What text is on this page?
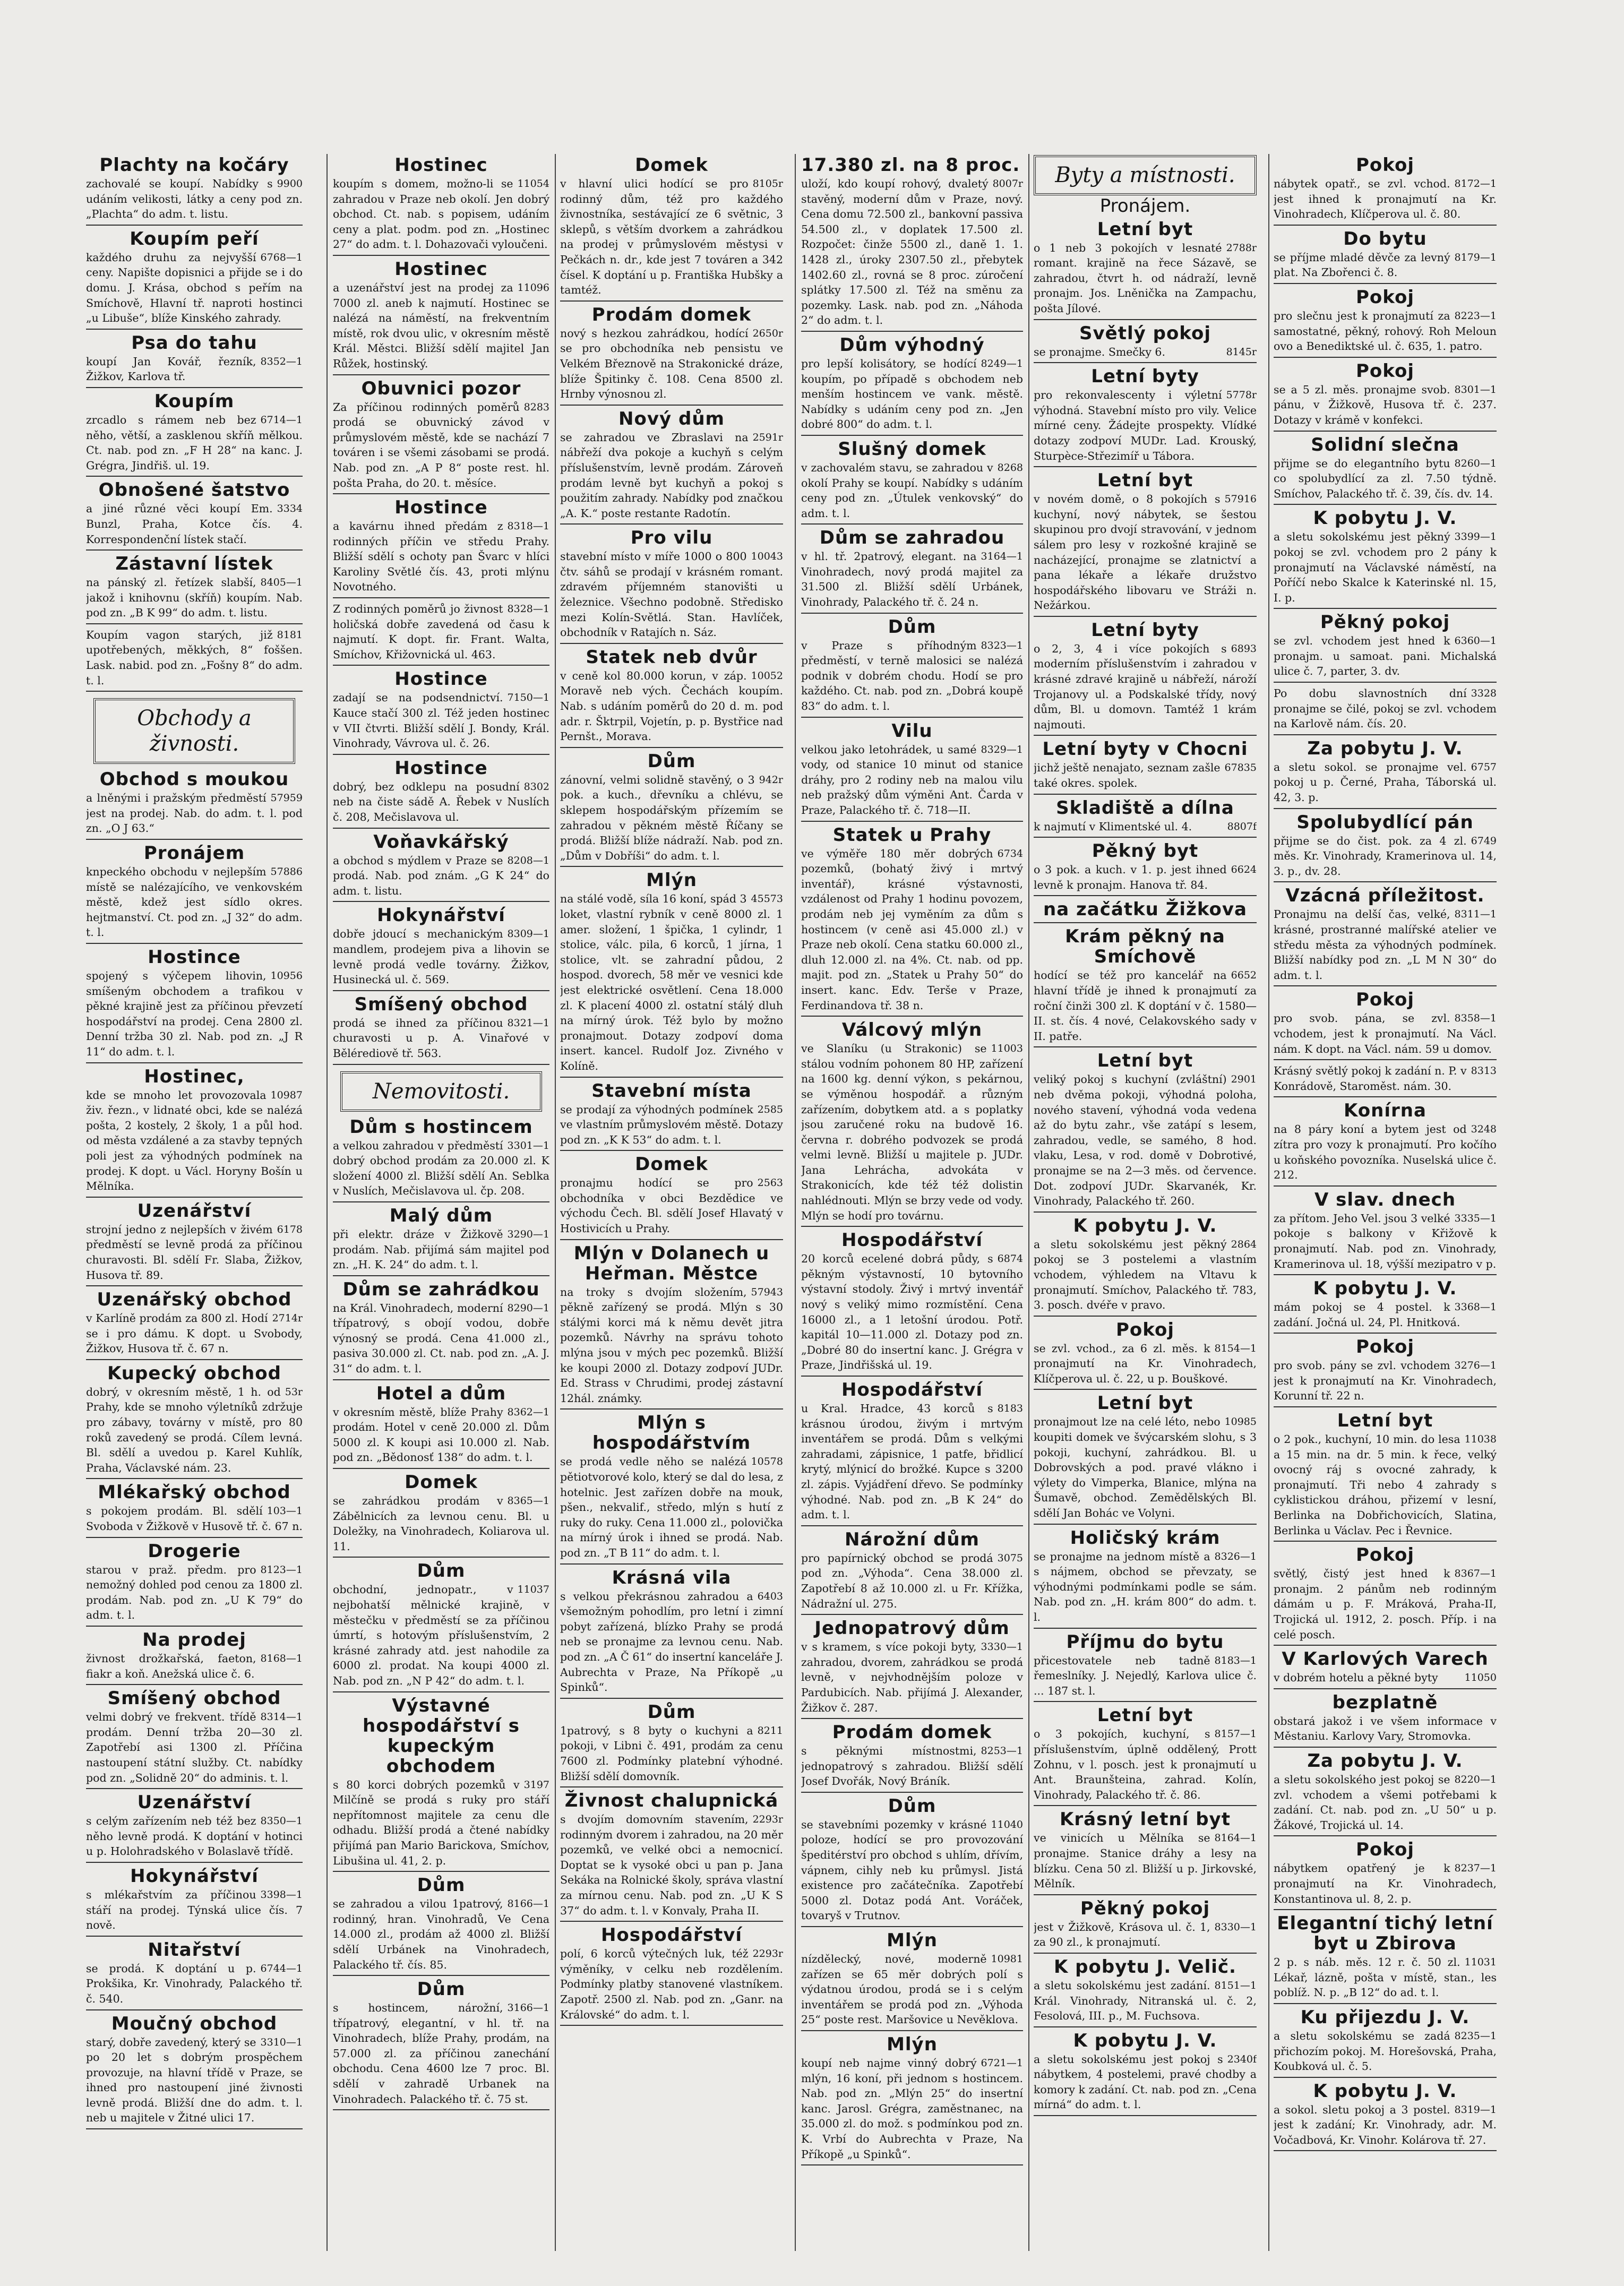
Plachty na kočáry
9900
zachovalé se koupí. Nabídky s udáním velikosti, látky a ceny pod zn. „Plachta“ do adm. t. listu.
Koupím peří
6768—1
každého druhu za nejvyšší ceny. Napište dopisnici a přijde se i do domu. J. Krása, obchod s peřím na Smíchově, Hlavní tř. naproti hostinci „u Libuše“, blíže Kinského zahrady.
Psa do tahu
8352—1
koupí Jan Kovář, řezník, Žižkov, Karlova tř.
Koupím
6714—1
zrcadlo s rámem neb bez něho, větší, a zasklenou skříň mělkou. Ct. nab. pod zn. „F H 28“ na kanc. J. Grégra, Jindřiš. ul. 19.
Obnošené šatstvo
3334
a jiné různé věci koupí Em. Bunzl, Praha, Kotce čís. 4. Korrespondenční lístek stačí.
Zástavní lístek
8405—1
na pánský zl. řetízek slabší, jakož i knihovnu (skříň) koupím. Nab. pod zn. „B K 99“ do adm. t. listu.
8181
Koupím vagon starých, již upotřebených, měkkých, 8“ foššen. Lask. nabid. pod zn. „Fošny 8“ do adm. t. l.
Obchody a živnosti.
Obchod s moukou
57959
a lněnými i pražským předměstí jest na prodej. Nab. do adm. t. l. pod zn. „O J 63.“
Pronájem
57886
knpeckého obchodu v nejlepším místě se nalézajícího, ve venkovském městě, kdež jest sídlo okres. hejtmanství. Ct. pod zn. „J 32“ do adm. t. l.
Hostince
10956
spojený s výčepem lihovin, smíšeným obchodem a trafikou v pěkné krajině jest za příčinou převzetí hospodářství na prodej. Cena 2800 zl. Denní tržba 30 zl. Nab. pod zn. „J R 11“ do adm. t. l.
Hostinec,
10987
kde se mnoho let provozovala živ. řezn., v lidnaté obci, kde se nalézá pošta, 2 kostely, 2 školy, 1 a půl hod. od města vzdálené a za stavby tepných poli jest za výhodných podmínek na prodej. K dopt. u Václ. Horyny Bošín u Mělníka.
Uzenářství
6178
strojní jedno z nejlepších v živém předměstí se levně prodá za příčinou churavosti. Bl. sdělí Fr. Slaba, Žižkov, Husova tř. 89.
Uzenářský obchod
2714r
v Karlíně prodám za 800 zl. Hodí se i pro dámu. K dopt. u Svobody, Žižkov, Husova tř. č. 67 n.
Kupecký obchod
53r
dobrý, v okresním městě, 1 h. od Prahy, kde se mnoho výletníků zdržuje pro zábavy, továrny v místě, pro 80 roků zavedený se prodá. Cílem levná. Bl. sdělí a uvedou p. Karel Kuhlík, Praha, Václavské nám. 23.
Mlékařský obchod
103—1
s pokojem prodám. Bl. sdělí Svoboda v Žižkově v Husově tř. č. 67 n.
Drogerie
8123—1
starou v praž. předm. pro nemožný dohled pod cenou za 1800 zl. prodám. Nab. pod zn. „U K 79“ do adm. t. l.
Na prodej
8168—1
živnost drožkařská, faeton, fiakr a koň. Anežská ulice č. 6.
Smíšený obchod
8314—1
velmi dobrý ve frekvent. třídě prodám. Denní tržba 20—30 zl. Zapotřebí asi 1300 zl. Příčina nastoupení státní služby. Ct. nabídky pod zn. „Solidně 20“ do adminis. t. l.
Uzenářství
8350—1
s celým zařízením neb též bez něho levně prodá. K doptání v hotinci u p. Holohradského v Bolaslavě třídě.
Hokynářství
3398—1
s mlékařstvím za příčinou stáří na prodej. Týnská ulice čís. 7 nově.
Nitařství
6744—1
se prodá. K doptání u p. Prokšika, Kr. Vinohrady, Palackého tř. č. 540.
Moučný obchod
3310—1
starý, dobře zavedený, který se po 20 let s dobrým prospěchem provozuje, na hlavní třídě v Praze, se ihned pro nastoupení jiné živnosti levně prodá. Bližší dne do adm. t. l. neb u majitele v Žitné ulici 17.
Hostinec
11054
koupím s domem, možno-li se zahradou v Praze neb okolí. Jen dobrý obchod. Ct. nab. s popisem, udáním ceny a plat. podm. pod zn. „Hostinec 27“ do adm. t. l. Dohazovači vyloučeni.
Hostinec
11096
a uzenářství jest na prodej za 7000 zl. aneb k najmutí. Hostinec se nalézá na náměstí, na frekventním místě, rok dvou ulic, v okresním městě Král. Městci. Bližší sdělí majitel Jan Růžek, hostinský.
Obuvnici pozor
8283
Za příčinou rodinných poměrů prodá se obuvnický závod v průmyslovém městě, kde se nachází 7 továren i se všemi zásobami se prodá. Nab. pod zn. „A P 8“ poste rest. hl. pošta Praha, do 20. t. měsíce.
Hostince
8318—1
a kavárnu ihned předám z rodinných příčin ve středu Prahy. Bližší sdělí s ochoty pan Švarc v hlíci Karoliny Světlé čís. 43, proti mlýnu Novotného.
8328—1
Z rodinných poměrů jo živnost holičská dobře zavedená od času k najmutí. K dopt. fir. Frant. Walta, Smíchov, Křižovnická ul. 463.
Hostince
7150—1
zadají se na podsendnictví. Kauce stačí 300 zl. Též jeden hostinec v VII čtvrti. Bližší sdělí J. Bondy, Král. Vinohrady, Vávrova ul. č. 26.
Hostince
8302
dobrý, bez odklepu na posudní neb na čiste sádě A. Řebek v Nuslích č. 208, Mečislavova ul.
Voňavkářský
8208—1
a obchod s mýdlem v Praze se prodá. Nab. pod znám. „G K 24“ do adm. t. listu.
Hokynářství
8309—1
dobře jdoucí s mechanickým mandlem, prodejem piva a lihovin se levně prodá vedle továrny. Žižkov, Husinecká ul. č. 569.
Smíšený obchod
8321—1
prodá se ihned za příčinou churavosti u p. A. Vinařové v Bělérediově tř. 563.
Nemovitosti.
Dům s hostincem
3301—1
a velkou zahradou v předměstí dobrý obchod prodám za 20.000 zl. K složení 4000 zl. Bližší sdělí An. Seblka v Nuslích, Mečislavova ul. čp. 208.
Malý dům
3290—1
při elektr. dráze v Žižkově prodám. Nab. přijímá sám majitel pod zn. „H. K. 24“ do adm. t. l.
Dům se zahrádkou
8290—1
na Král. Vinohradech, moderní třípatrový, s obojí vodou, dobře výnosný se prodá. Cena 41.000 zl., pasiva 30.000 zl. Ct. nab. pod zn. „A. J. 31“ do adm. t. l.
Hotel a dům
8362—1
v okresním městě, blíže Prahy prodám. Hotel v ceně 20.000 zl. Dům 5000 zl. K koupi asi 10.000 zl. Nab. pod zn. „Bědonosť 138“ do adm. t. l.
Domek
8365—1
se zahrádkou prodám v Zábělnicích za levnou cenu. Bl. u Doležky, na Vinohradech, Koliarova ul. 11.
Dům
11037
obchodní, jednopatr., v nejbohatší mělnické krajině, v městečku v předměstí se za příčinou úmrtí, s hotovým příslušenstvím, 2 krásné zahrady atd. jest nahodile za 6000 zl. prodat. Na koupi 4000 zl. Nab. pod zn. „N P 42“ do adm. t. l.
Výstavné hospodářství s kupeckým obchodem
3197
s 80 korci dobrých pozemků v Milčíně se prodá s ruky pro stáří nepřítomnost majitele za cenu dle odhadu. Bližší prodá a čtené nabídky přijímá pan Mario Barickova, Smíchov, Libušina ul. 41, 2. p.
Dům
8166—1
se zahradou a vilou 1patrový, rodinný, hran. Vinohradů, Ve Cena 14.000 zl., prodám až 4000 zl. Bližší sdělí Urbánek na Vinohradech, Palackého tř. čís. 85.
Dům
3166—1
s hostincem, nárožní, třípatrový, elegantní, v hl. tř. na Vinohradech, blíže Prahy, prodám, na 57.000 zl. za příčinou zanechání obchodu. Cena 4600 lze 7 proc. Bl. sdělí v zahradě Urbanek na Vinohradech. Palackého tř. č. 75 st.
Domek
8105r
v hlavní ulici hodící se pro rodinný dům, též pro každého živnostníka, sestávající ze 6 světnic, 3 sklepů, s větším dvorkem a zahrádkou na prodej v průmyslovém městysi v Pečkách n. dr., kde jest 7 továren a 342 čísel. K doptání u p. Františka Hubšky a tamtéž.
Prodám domek
2650r
nový s hezkou zahrádkou, hodící se pro obchodníka neb pensistu ve Velkém Březnově na Strakonické dráze, blíže Špitinky č. 108. Cena 8500 zl. Hrnby výnosnou zl.
Nový dům
2591r
se zahradou ve Zbraslavi na nábřeží dva pokoje a kuchyň s celým příslušenstvím, levně prodám. Zároveň prodám levně byt kuchyň a pokoj s použitím zahrady. Nabídky pod značkou „A. K.“ poste restante Radotín.
Pro vilu
10043
stavební místo v míře 1000 o 800 čtv. sáhů se prodají v krásném romant. zdravém příjemném stanovišti u železnice. Všechno podobně. Středisko mezi Kolín-Světlá. Stan. Havlíček, obchodník v Ratajích n. Sáz.
Statek neb dvůr
10052
v ceně kol 80.000 korun, v záp. Moravě neb vých. Čechách koupím. Nab. s udáním poměrů do 20 d. m. pod adr. r. Šktrpil, Vojetín, p. p. Bystřice nad Pernšt., Morava.
Dům
942r
zánovní, velmi solidně stavěný, o 3 pok. a kuch., dřevníku a chlévu, se sklepem hospodářským přízemím se zahradou v pěkném městě Říčany se prodá. Bližší blíže nádraží. Nab. pod zn. „Dům v Dobříši“ do adm. t. l.
Mlýn
45573
na stálé vodě, síla 16 koní, spád 3 loket, vlastní rybník v ceně 8000 zl. 1 amer. složení, 1 špička, 1 cylindr, 1 stolice, válc. pila, 6 korců, 1 jírna, 1 stolice, vlt. se zahradní půdou, 2 hospod. dvorech, 58 měr ve vesnici kde jest elektrické osvětlení. Cena 18.000 zl. K placení 4000 zl. ostatní stálý dluh na mírný úrok. Též bylo by možno pronajmout. Dotazy zodpoví doma insert. kancel. Rudolf Joz. Zivného v Kolíně.
Stavební místa
2585
se prodají za výhodných podmínek ve vlastním průmyslovém městě. Dotazy pod zn. „K K 53“ do adm. t. l.
Domek
2563
pronajmu hodící se pro obchodníka v obci Bezdědice ve východu Čech. Bl. sdělí Josef Hlavatý v Hostivicích u Prahy.
Mlýn v Dolanech u Heřman. Městce
57943
na troky s dvojím složením, pěkně zařízený se prodá. Mlýn s 30 stálými korci má k němu devět jitra pozemků. Návrhy na správu tohoto mlýna jsou v mých pec pozemků. Bližší ke koupi 2000 zl. Dotazy zodpoví JUDr. Ed. Strass v Chrudimi, prodej zástavní 12hál. známky.
Mlýn s hospodářstvím
10578
se prodá vedle něho se nalézá pětiotvorové kolo, který se dal do lesa, z hotelnic. Jest zařízen dobře na mouk, pšen., nekvalif., středo, mlýn s hutí z ruky do ruky. Cena 11.000 zl., polovička na mírný úrok i ihned se prodá. Nab. pod zn. „T B 11“ do adm. t. l.
Krásná vila
6403
s velkou překrásnou zahradou a všemožným pohodlím, pro letní i zimní pobyt zařízená, blízko Prahy se prodá neb se pronajme za levnou cenu. Nab. pod zn. „A Č 61“ do insertní kanceláře J. Aubrechta v Praze, Na Příkopě „u Spinků“.
Dům
8211
1patrový, s 8 byty o kuchyni a pokoji, v Libni č. 491, prodám za cenu 7600 zl. Podmínky platební výhodné. Bližší sdělí domovník.
Živnost chalupnická
2293r
s dvojím domovním stavením, rodinným dvorem i zahradou, na 20 měr pozemků, ve velké obci a nemocnicí. Doptat se k vysoké obci u pan p. Jana Sekáka na Rolnické školy, správa vlastní za mírnou cenu. Nab. pod zn. „U K S 37“ do adm. t. l. v Konvaly, Praha II.
Hospodářství
2293r
polí, 6 korců výtečných luk, též výměníky, v celku neb rozdělením. Podmínky platby stanovené vlastníkem. Zapotř. 2500 zl. Nab. pod zn. „Ganr. na Královské“ do adm. t. l.
17.380 zl. na 8 proc.
8007r
uloží, kdo koupí rohový, dvaletý stavěný, moderní dům v Praze, nový. Cena domu 72.500 zl., bankovní passiva 54.500 zl., v doplatek 17.500 zl. Rozpočet: činže 5500 zl., daně 1. 1. 1428 zl., úroky 2307.50 zl., přebytek 1402.60 zl., rovná se 8 proc. zúročení splátky 17.500 zl. Též na směnu za pozemky. Lask. nab. pod zn. „Náhoda 2“ do adm. t. l.
Dům výhodný
8249—1
pro lepší kolisátory, se hodící koupím, po případě s obchodem neb menším hostincem ve vank. městě. Nabídky s udáním ceny pod zn. „Jen dobré 800“ do adm. t. l.
Slušný domek
8268
v zachovalém stavu, se zahradou v okolí Prahy se koupí. Nabídky s udáním ceny pod zn. „Útulek venkovský“ do adm. t. l.
Dům se zahradou
3164—1
v hl. tř. 2patrový, elegant. na Vinohradech, nový prodá majitel za 31.500 zl. Bližší sdělí Urbánek, Vinohrady, Palackého tř. č. 24 n.
Dům
8323—1
v Praze s příhodným předměstí, v terně malosici se nalézá podnik v dobrém chodu. Hodí se pro každého. Ct. nab. pod zn. „Dobrá koupě 83“ do adm. t. l.
Vilu
8329—1
velkou jako letohrádek, u samé vody, od stanice 10 minut od stanice dráhy, pro 2 rodiny neb na malou vilu neb pražský dům výměni Ant. Čarda v Praze, Palackého tř. č. 718—II.
Statek u Prahy
6734
ve výměře 180 měr dobrých pozemků, (bohatý živý i mrtvý inventář), krásné výstavnosti, vzdálenost od Prahy 1 hodinu povozem, prodám neb jej vyměním za dům s hostincem (v ceně asi 45.000 zl.) v Praze neb okolí. Cena statku 60.000 zl., dluh 12.000 zl. na 4%. Ct. nab. od pp. majit. pod zn. „Statek u Prahy 50“ do insert. kanc. Edv. Terše v Praze, Ferdinandova tř. 38 n.
Válcový mlýn
11003
ve Slaníku (u Strakonic) se stálou vodním pohonem 80 HP, zařízení na 1600 kg. denní výkon, s pekárnou, se výměnou hospodář. a různým zařízením, dobytkem atd. a s poplatky jsou zaručené roku na budově 16. června r. dobrého podvozek se prodá velmi levně. Bližší u majitele p. JUDr. Jana Lehrácha, advokáta v Strakonicích, kde též též dolistin nahlédnouti. Mlýn se brzy vede od vody. Mlýn se hodí pro továrnu.
Hospodářství
6874
20 korců ecelené dobrá půdy, s pěkným výstavností, 10 bytovního výstavní stodoly. Živý i mrtvý inventář nový s veliký mimo rozmístění. Cena 16000 zl., a 1 letošní úrodou. Potř. kapitál 10—11.000 zl. Dotazy pod zn. „Dobré 80 do insertní kanc. J. Grégra v Praze, Jindřišská ul. 19.
Hospodářství
8183
u Kral. Hradce, 43 korců s krásnou úrodou, živým i mrtvým inventářem se prodá. Dům s velkými zahradami, zápisnice, 1 patfe, břidlicí krytý, mlýnicí do brožké. Kupce s 3200 zl. zápis. Vyjádření dřevo. Se podmínky výhodné. Nab. pod zn. „B K 24“ do adm. t. l.
Nárožní dům
3075
pro papírnický obchod se prodá pod zn. „Výhoda“. Cena 38.000 zl. Zapotřebí 8 až 10.000 zl. u Fr. Křížka, Nádražní ul. 275.
Jednopatrový dům
3330—1
v s kramem, s více pokoji byty, zahradou, dvorem, zahrádkou se prodá levně, v nejvhodnějším poloze v Pardubicích. Nab. přijímá J. Alexander, Žižkov č. 287.
Prodám domek
8253—1
s pěknými místnostmi, jednopatrový s zahradou. Bližší sdělí Josef Dvořák, Nový Bráník.
Dům
11040
se stavebními pozemky v krásné poloze, hodící se pro provozování špeditérství pro obchod s uhlím, dřívím, vápnem, cihly neb ku průmysl. Jistá existence pro začátečníka. Zapotřebí 5000 zl. Dotaz podá Ant. Voráček, tovaryš v Trutnov.
Mlýn
10981
nízdělecký, nové, moderně zařízen se 65 měr dobrých polí s výdatnou úrodou, prodá se i s celým inventářem se prodá pod zn. „Výhoda 25“ poste rest. Maršovice u Nevěklova.
Mlýn
6721—1
koupí neb najme vinný dobrý mlýn, 16 koní, při jednom s hostincem. Nab. pod zn. „Mlýn 25“ do insertní kanc. Jarosl. Grégra, zaměstnanec, na 35.000 zl. do mož. s podmínkou pod zn. K. Vrbí do Aubrechta v Praze, Na Příkopě „u Spinků“.
Byty a místnosti.
Pronájem.
Letní byt
2788r
o 1 neb 3 pokojích v lesnaté romant. krajině na řece Sázavě, se zahradou, čtvrt h. od nádraží, levně pronajm. Jos. Lněnička na Zampachu, pošta Jílové.
Světlý pokoj
8145r
se pronajme. Smečky 6.
Letní byty
5778r
pro rekonvalescenty i výletní výhodná. Stavební místo pro vily. Velice mírné ceny. Žádejte prospekty. Vlídké dotazy zodpoví MUDr. Lad. Krouský, Sturpèce-Střezimíř u Tábora.
Letní byt
57916
v novém domě, o 8 pokojích s kuchyní, nový nábytek, se šestou skupinou pro dvojí stravování, v jednom sálem pro lesy v rozkošné krajině se nacházející, pronajme se zlatnictví a pana lékaře a lékaře družstvo hospodářského libovaru ve Stráži n. Nežárkou.
Letní byty
6893
o 2, 3, 4 i více pokojích s moderním příslušenstvím i zahradou v krásné zdravé krajině u nábřeží, nároží Trojanovy ul. a Podskalské třídy, nový dům, Bl. u domovn. Tamtéž 1 krám najmouti.
Letní byty v Chocni
67835
jichž ještě nenajato, seznam zašle také okres. spolek.
Skladiště a dílna
8807f
k najmutí v Klimentské ul. 4.
Pěkný byt
6624
o 3 pok. a kuch. v 1. p. jest ihned levně k pronajm. Hanova tř. 84.
na začátku Žižkova
Krám pěkný na Smíchově
6652
hodící se též pro kancelář na hlavní třídě je ihned k pronajmutí za roční činži 300 zl. K doptání v č. 1580—II. st. čís. 4 nové, Celakovského sady v II. patře.
Letní byt
2901
veliký pokoj s kuchyní (zvláštní) neb dvěma pokoji, výhodná poloha, nového stavení, výhodná voda vedena až do bytu zahr., vše zatápí s lesem, zahradou, vedle, se samého, 8 hod. vlaku, Lesa, v rod. domě v Dobrotivé, pronajme se na 2—3 měs. od července. Dot. zodpoví JUDr. Skarvanék, Kr. Vinohrady, Palackého tř. 260.
K pobytu J. V.
2864
a sletu sokolskému jest pěkný pokoj se 3 postelemi a vlastním vchodem, výhledem na Vltavu k pronajmutí. Smíchov, Palackého tř. 783, 3. posch. dvéře v pravo.
Pokoj
8154—1
se zvl. vchod., za 6 zl. měs. k pronajmutí na Kr. Vinohradech, Klíčperova ul. č. 22, u p. Bouškové.
Letní byt
10985
pronajmout lze na celé léto, nebo koupiti domek ve švýcarském slohu, s 3 pokoji, kuchyní, zahrádkou. Bl. u Dobrovských a pod. pravé vlákno i výlety do Vimperka, Blanice, mlýna na Šumavě, obchod. Zemědělských Bl. sdělí Jan Bohác ve Volyni.
Holičský krám
8326—1
se pronajme na jednom místě a s nájmem, obchod se převzaty, se výhodnými podmínkami podle se sám. Nab. pod zn. „H. krám 800“ do adm. t. l.
Příjmu do bytu
8183—1
přicestovatele neb tadně řemeslníky. J. Nejedlý, Karlova ulice č. ... 187 st. l.
Letní byt
8157—1
o 3 pokojích, kuchyní, s příslušenstvím, úplně oddělený, Prott Zohnu, v l. posch. jest k pronajmutí u Ant. Braunšteina, zahrad. Kolín, Vinohrady, Palackého tř. č. 86.
Krásný letní byt
8164—1
ve vinicích u Mělníka se pronajme. Stanice dráhy a lesy na blízku. Cena 50 zl. Bližší u p. Jirkovské, Mělník.
Pěkný pokoj
8330—1
jest v Žižkově, Krásova ul. č. 1, za 90 zl., k pronajmutí.
K pobytu J. Velič.
8151—1
a sletu sokolskému jest zadání. Král. Vinohrady, Nitranská ul. č. 2, Fesolová, III. p., M. Fuchsova.
K pobytu J. V.
2340f
a sletu sokolskému jest pokoj s nábytkem, 4 postelemi, pravé chodby a komory k zadání. Ct. nab. pod zn. „Cena mírná“ do adm. t. l.
Pokoj
8172—1
nábytek opatř., se zvl. vchod. jest ihned k pronajmutí na Kr. Vinohradech, Klíčperova ul. č. 80.
Do bytu
8179—1
se příjme mladé děvče za levný plat. Na Zbořenci č. 8.
Pokoj
8223—1
pro slečnu jest k pronajmutí za samostatné, pěkný, rohový. Roh Meloun ovo a Benediktské ul. č. 635, 1. patro.
Pokoj
8301—1
se a 5 zl. měs. pronajme svob. pánu, v Žižkově, Husova tř. č. 237. Dotazy v krámě v konfekci.
Solidní slečna
8260—1
přijme se do elegantního bytu co spolubydlící za zl. 7.50 týdně. Smíchov, Palackého tř. č. 39, čís. dv. 14.
K pobytu J. V.
3399—1
a sletu sokolskému jest pěkný pokoj se zvl. vchodem pro 2 pány k pronajmutí na Václavské náměstí, na Poříčí nebo Skalce k Katerinské nl. 15, I. p.
Pěkný pokoj
6360—1
se zvl. vchodem jest hned k pronajm. u samoat. pani. Michalská ulice č. 7, parter, 3. dv.
3328
Po dobu slavnostních dní pronajme se čilé, pokoj se zvl. vchodem na Karlově nám. čís. 20.
Za pobytu J. V.
6757
a sletu sokol. se pronajme vel. pokoj u p. Černé, Praha, Táborská ul. 42, 3. p.
Spolubydlící pán
6749
přijme se do čist. pok. za 4 zl. měs. Kr. Vinohrady, Kramerinova ul. 14, 3. p., dv. 28.
Vzácná příležitost.
8311—1
Pronajmu na delší čas, velké, krásné, prostranné malířské atelier ve středu města za výhodných podmínek. Bližší nabídky pod zn. „L M N 30“ do adm. t. l.
Pokoj
8358—1
pro svob. pána, se zvl. vchodem, jest k pronajmutí. Na Václ. nám. K dopt. na Václ. nám. 59 u domov.
8313
Krásný světlý pokoj k zadání n. P. v Konrádově, Staroměst. nám. 30.
Konírna
3248
na 8 páry koní a bytem jest od zítra pro vozy k pronajmutí. Pro kočího u koňského povozníka. Nuselská ulice č. 212.
V slav. dnech
3335—1
za přítom. Jeho Vel. jsou 3 velké pokoje s balkony v Křižově k pronajmutí. Nab. pod zn. Vinohrady, Kramerinova ul. 18, výšší mezipatro v p.
K pobytu J. V.
3368—1
mám pokoj se 4 postel. k zadání. Jočná ul. 24, Pl. Hnitková.
Pokoj
3276—1
pro svob. pány se zvl. vchodem jest k pronajmutí na Kr. Vinohradech, Korunní tř. 22 n.
Letní byt
11038
o 2 pok., kuchyní, 10 min. do lesa a 15 min. na dr. 5 min. k řece, velký ovocný ráj s ovocné zahrady, k pronajmutí. Tři nebo 4 zahrady s cyklistickou dráhou, přizemí v lesní, Berlinka na Dobřichovicích, Slatina, Berlinka u Václav. Pec i Řevnice.
Pokoj
8367—1
světlý, čistý jest hned k pronajm. 2 pánům neb rodinným dámám u p. F. Mráková, Praha-II, Trojická ul. 1912, 2. posch. Příp. i na celé posch.
V Karlových Varech
11050
v dobrém hotelu a pěkné byty
bezplatně
obstará jakož i ve všem informace v Městaniu. Karlovy Vary, Stromovka.
Za pobytu J. V.
8220—1
a sletu sokolského jest pokoj se zvl. vchodem a všemi potřebami k zadání. Ct. nab. pod zn. „U 50“ u p. Žákové, Trojická ul. 14.
Pokoj
8237—1
nábytkem opatřený je k pronajmutí na Kr. Vinohradech, Konstantinova ul. 8, 2. p.
Elegantní tichý letní byt u Zbirova
11031
2 p. s náb. měs. 12 r. č. 50 zl. Lékař, lázně, pošta v místě, stan., les poblíž. N. p. „B 12“ do ad. t. l.
Ku přijezdu J. V.
8235—1
a sletu sokolskému se zadá přichozím pokoj. M. Horešovská, Praha, Koubková ul. č. 5.
K pobytu J. V.
8319—1
a sokol. sletu pokoj a 3 postel. jest k zadání; Kr. Vinohrady, adr. M. Vočadbová, Kr. Vinohr. Kolárova tř. 27.
